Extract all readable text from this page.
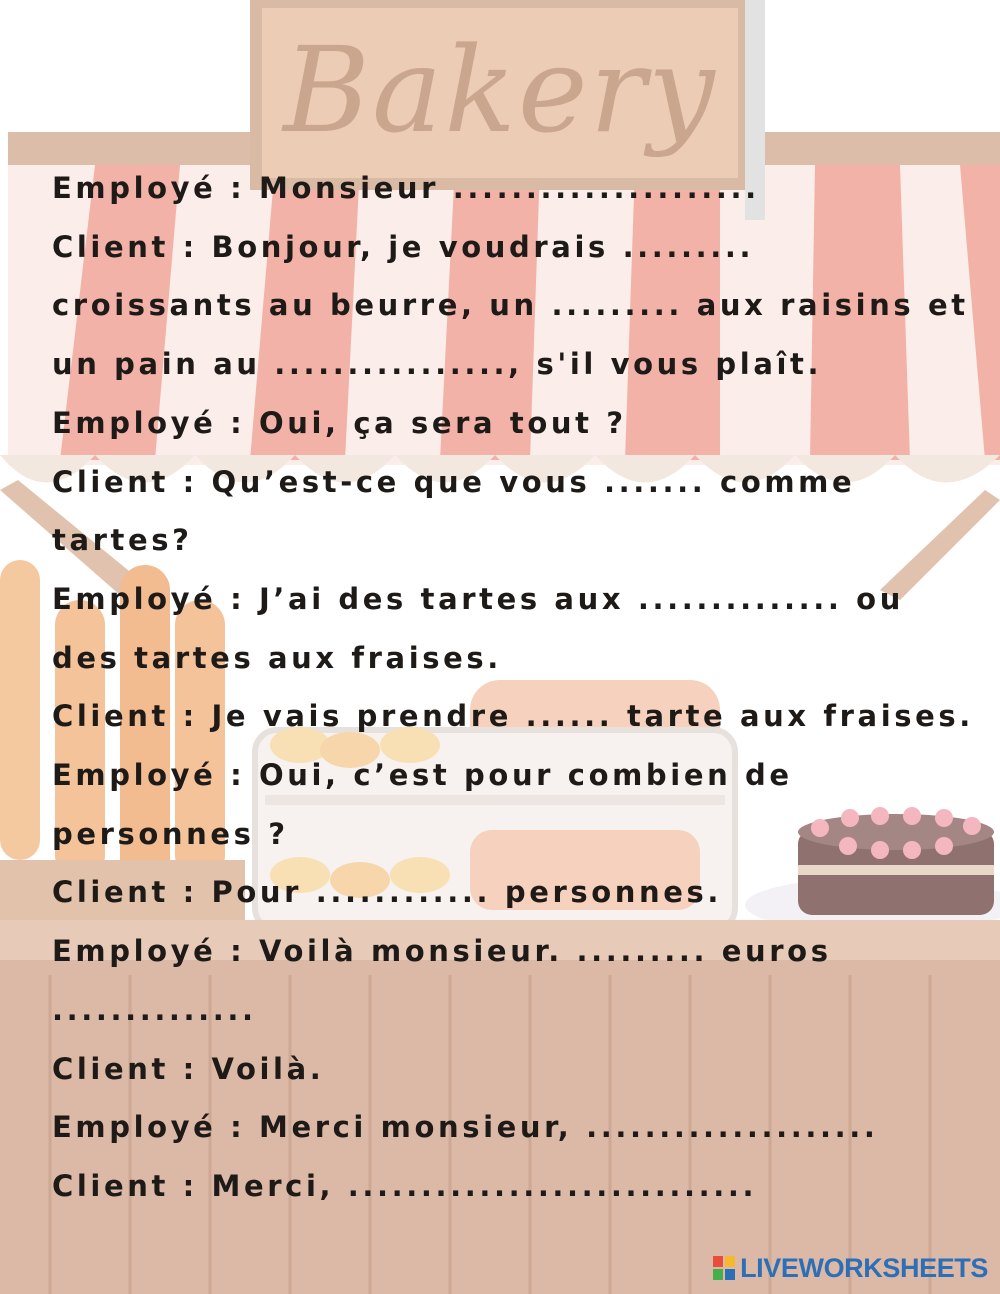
Bakery
Employé : Monsieur .....................
Client : Bonjour, je voudrais .........
croissants au beurre, un ......... aux raisins et
un pain au ................, s'il vous plaît.
Employé : Oui, ça sera tout ?
Client : Qu’est-ce que vous ....... comme
tartes?
Employé : J’ai des tartes aux .............. ou
des tartes aux fraises.
Client : Je vais prendre ...... tarte aux fraises.
Employé : Oui, c’est pour combien de
personnes ?
Client : Pour ............ personnes.
Employé : Voilà monsieur. ......... euros
..............
Client : Voilà.
Employé : Merci monsieur, ....................
Client : Merci, ............................
LIVEWORKSHEETS
